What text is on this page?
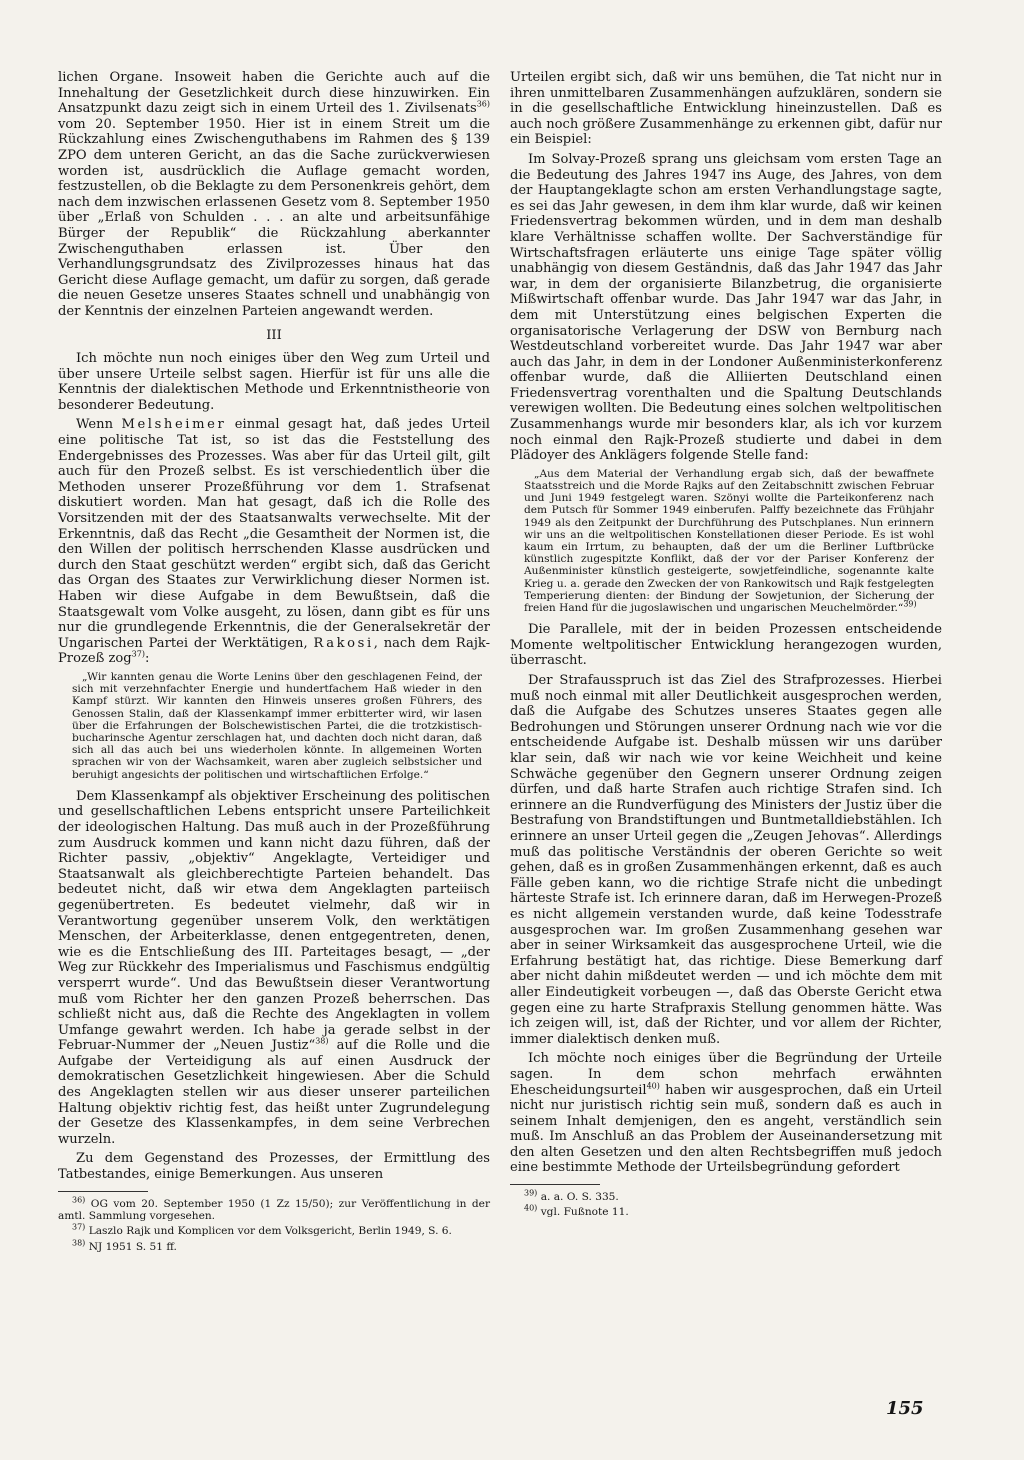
lichen Organe. Insoweit haben die Gerichte auch auf die Innehaltung der Gesetzlichkeit durch diese hinzuwirken. Ein Ansatzpunkt dazu zeigt sich in einem Urteil des 1. Zivilsenats$^{36)}$ vom 20. September 1950. Hier ist in einem Streit um die Rückzahlung eines Zwischenguthabens im Rahmen des § 139 ZPO dem unteren Gericht, an das die Sache zurückverwiesen worden ist, ausdrücklich die Auflage gemacht worden, festzustellen, ob die Beklagte zu dem Personenkreis gehört, dem nach dem inzwischen erlassenen Gesetz vom 8. September 1950 über „Erlaß von Schulden . . . an alte und arbeitsunfähige Bürger der Republik“ die Rückzahlung aberkannter Zwischenguthaben erlassen ist. Über den Verhandlungsgrundsatz des Zivilprozesses hinaus hat das Gericht diese Auflage gemacht, um dafür zu sorgen, daß gerade die neuen Gesetze unseres Staates schnell und unabhängig von der Kenntnis der einzelnen Parteien angewandt werden.

III

Ich möchte nun noch einiges über den Weg zum Urteil und über unsere Urteile selbst sagen. Hierfür ist für uns alle die Kenntnis der dialektischen Methode und Erkenntnistheorie von besonderer Bedeutung.

Wenn Melsheimer einmal gesagt hat, daß jedes Urteil eine politische Tat ist, so ist das die Feststellung des Endergebnisses des Prozesses. Was aber für das Urteil gilt, gilt auch für den Prozeß selbst. Es ist verschiedentlich über die Methoden unserer Prozeßführung vor dem 1. Strafsenat diskutiert worden. Man hat gesagt, daß ich die Rolle des Vorsitzenden mit der des Staatsanwalts verwechselte. Mit der Erkenntnis, daß das Recht „die Gesamtheit der Normen ist, die den Willen der politisch herrschenden Klasse ausdrücken und durch den Staat geschützt werden“ ergibt sich, daß das Gericht das Organ des Staates zur Verwirklichung dieser Normen ist. Haben wir diese Aufgabe in dem Bewußtsein, daß die Staatsgewalt vom Volke ausgeht, zu lösen, dann gibt es für uns nur die grundlegende Erkenntnis, die der Generalsekretär der Ungarischen Partei der Werktätigen, Rakosi, nach dem Rajk-Prozeß zog$^{37)}$:

„Wir kannten genau die Worte Lenins über den geschlagenen Feind, der sich mit verzehnfachter Energie und hundertfachem Haß wieder in den Kampf stürzt. Wir kannten den Hinweis unseres großen Führers, des Genossen Stalin, daß der Klassenkampf immer erbitterter wird, wir lasen über die Erfahrungen der Bolschewistischen Partei, die die trotzkistisch-bucharinsche Agentur zerschlagen hat, und dachten doch nicht daran, daß sich all das auch bei uns wiederholen könnte. In allgemeinen Worten sprachen wir von der Wachsamkeit, waren aber zugleich selbstsicher und beruhigt angesichts der politischen und wirtschaftlichen Erfolge.“

Dem Klassenkampf als objektiver Erscheinung des politischen und gesellschaftlichen Lebens entspricht unsere Parteilichkeit der ideologischen Haltung. Das muß auch in der Prozeßführung zum Ausdruck kommen und kann nicht dazu führen, daß der Richter passiv, „objektiv“ Angeklagte, Verteidiger und Staatsanwalt als gleichberechtigte Parteien behandelt. Das bedeutet nicht, daß wir etwa dem Angeklagten parteiisch gegenübertreten. Es bedeutet vielmehr, daß wir in Verantwortung gegenüber unserem Volk, den werktätigen Menschen, der Arbeiterklasse, denen entgegentreten, denen, wie es die Entschließung des III. Parteitages besagt, — „der Weg zur Rückkehr des Imperialismus und Faschismus endgültig versperrt wurde“. Und das Bewußtsein dieser Verantwortung muß vom Richter her den ganzen Prozeß beherrschen. Das schließt nicht aus, daß die Rechte des Angeklagten in vollem Umfange gewahrt werden. Ich habe ja gerade selbst in der Februar-Nummer der „Neuen Justiz“$^{38)}$ auf die Rolle und die Aufgabe der Verteidigung als auf einen Ausdruck der demokratischen Gesetzlichkeit hingewiesen. Aber die Schuld des Angeklagten stellen wir aus dieser unserer parteilichen Haltung objektiv richtig fest, das heißt unter Zugrundelegung der Gesetze des Klassenkampfes, in dem seine Verbrechen wurzeln.

Zu dem Gegenstand des Prozesses, der Ermittlung des Tatbestandes, einige Bemerkungen. Aus unseren

$^{36)}$ OG vom 20. September 1950 (1 Zz 15/50); zur Veröffentlichung in der amtl. Sammlung vorgesehen.
$^{37)}$ Laszlo Rajk und Komplicen vor dem Volksgericht, Berlin 1949, S. 6.
$^{38)}$ NJ 1951 S. 51 ff.

Urteilen ergibt sich, daß wir uns bemühen, die Tat nicht nur in ihren unmittelbaren Zusammenhängen aufzuklären, sondern sie in die gesellschaftliche Entwicklung hineinzustellen. Daß es auch noch größere Zusammenhänge zu erkennen gibt, dafür nur ein Beispiel:

Im Solvay-Prozeß sprang uns gleichsam vom ersten Tage an die Bedeutung des Jahres 1947 ins Auge, des Jahres, von dem der Hauptangeklagte schon am ersten Verhandlungstage sagte, es sei das Jahr gewesen, in dem ihm klar wurde, daß wir keinen Friedensvertrag bekommen würden, und in dem man deshalb klare Verhältnisse schaffen wollte. Der Sachverständige für Wirtschaftsfragen erläuterte uns einige Tage später völlig unabhängig von diesem Geständnis, daß das Jahr 1947 das Jahr war, in dem der organisierte Bilanzbetrug, die organisierte Mißwirtschaft offenbar wurde. Das Jahr 1947 war das Jahr, in dem mit Unterstützung eines belgischen Experten die organisatorische Verlagerung der DSW von Bernburg nach Westdeutschland vorbereitet wurde. Das Jahr 1947 war aber auch das Jahr, in dem in der Londoner Außenministerkonferenz offenbar wurde, daß die Alliierten Deutschland einen Friedensvertrag vorenthalten und die Spaltung Deutschlands verewigen wollten. Die Bedeutung eines solchen weltpolitischen Zusammenhangs wurde mir besonders klar, als ich vor kurzem noch einmal den Rajk-Prozeß studierte und dabei in dem Plädoyer des Anklägers folgende Stelle fand:

„Aus dem Material der Verhandlung ergab sich, daß der bewaffnete Staatsstreich und die Morde Rajks auf den Zeitabschnitt zwischen Februar und Juni 1949 festgelegt waren. Szönyi wollte die Parteikonferenz nach dem Putsch für Sommer 1949 einberufen. Palffy bezeichnete das Frühjahr 1949 als den Zeitpunkt der Durchführung des Putschplanes. Nun erinnern wir uns an die weltpolitischen Konstellationen dieser Periode. Es ist wohl kaum ein Irrtum, zu behaupten, daß der um die Berliner Luftbrücke künstlich zugespitzte Konflikt, daß der vor der Pariser Konferenz der Außenminister künstlich gesteigerte, sowjetfeindliche, sogenannte kalte Krieg u. a. gerade den Zwecken der von Rankowitsch und Rajk festgelegten Temperierung dienten: der Bindung der Sowjetunion, der Sicherung der freien Hand für die jugoslawischen und ungarischen Meuchelmörder.“$^{39)}$

Die Parallele, mit der in beiden Prozessen entscheidende Momente weltpolitischer Entwicklung herangezogen wurden, überrascht.

Der Strafausspruch ist das Ziel des Strafprozesses. Hierbei muß noch einmal mit aller Deutlichkeit ausgesprochen werden, daß die Aufgabe des Schutzes unseres Staates gegen alle Bedrohungen und Störungen unserer Ordnung nach wie vor die entscheidende Aufgabe ist. Deshalb müssen wir uns darüber klar sein, daß wir nach wie vor keine Weichheit und keine Schwäche gegenüber den Gegnern unserer Ordnung zeigen dürfen, und daß harte Strafen auch richtige Strafen sind. Ich erinnere an die Rundverfügung des Ministers der Justiz über die Bestrafung von Brandstiftungen und Buntmetalldiebstählen. Ich erinnere an unser Urteil gegen die „Zeugen Jehovas“. Allerdings muß das politische Verständnis der oberen Gerichte so weit gehen, daß es in großen Zusammenhängen erkennt, daß es auch Fälle geben kann, wo die richtige Strafe nicht die unbedingt härteste Strafe ist. Ich erinnere daran, daß im Herwegen-Prozeß es nicht allgemein verstanden wurde, daß keine Todesstrafe ausgesprochen war. Im großen Zusammenhang gesehen war aber in seiner Wirksamkeit das ausgesprochene Urteil, wie die Erfahrung bestätigt hat, das richtige. Diese Bemerkung darf aber nicht dahin mißdeutet werden — und ich möchte dem mit aller Eindeutigkeit vorbeugen —, daß das Oberste Gericht etwa gegen eine zu harte Strafpraxis Stellung genommen hätte. Was ich zeigen will, ist, daß der Richter, und vor allem der Richter, immer dialektisch denken muß.

Ich möchte noch einiges über die Begründung der Urteile sagen. In dem schon mehrfach erwähnten Ehescheidungsurteil$^{40)}$ haben wir ausgesprochen, daß ein Urteil nicht nur juristisch richtig sein muß, sondern daß es auch in seinem Inhalt demjenigen, den es angeht, verständlich sein muß. Im Anschluß an das Problem der Auseinandersetzung mit den alten Gesetzen und den alten Rechtsbegriffen muß jedoch eine bestimmte Methode der Urteilsbegründung gefordert

$^{39)}$ a. a. O. S. 335.
$^{40)}$ vgl. Fußnote 11.
155
